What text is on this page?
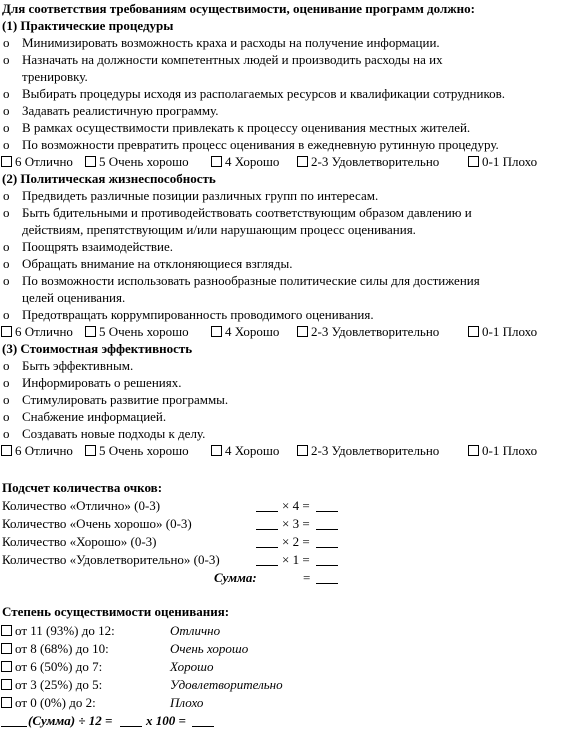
Для соответствия требованиям осуществимости, оценивание программ должно:
(1) Практические процедуры
o Минимизировать возможность краха и расходы на получение информации.
o Назначать на должности компетентных людей и производить расходы на их
тренировку.
o Выбирать процедуры исходя из располагаемых ресурсов и квалификации сотрудников.
o Задавать реалистичную программу.
o В рамках осуществимости привлекать к процессу оценивания местных жителей.
o По возможности превратить процесс оценивания в ежедневную рутинную процедуру.
6 Отлично	5 Очень хорошо	4 Хорошо	2-3 Удовлетворительно	0-1 Плохо
(2) Политическая жизнеспособность
o Предвидеть различные позиции различных групп по интересам.
o Быть бдительными и противодействовать соответствующим образом давлению и
действиям, препятствующим и/или нарушающим процесс оценивания.
o Поощрять взаимодействие.
o Обращать внимание на отклоняющиеся взгляды.
o По возможности использовать разнообразные политические силы для достижения
целей оценивания.
o Предотвращать коррумпированность проводимого оценивания.
6 Отлично	5 Очень хорошо	4 Хорошо	2-3 Удовлетворительно	0-1 Плохо
(3) Стоимостная эффективность
o Быть эффективным.
o Информировать о решениях.
o Стимулировать развитие программы.
o Снабжение информацией.
o Создавать новые подходы к делу.
6 Отлично	5 Очень хорошо	4 Хорошо	2-3 Удовлетворительно	0-1 Плохо
Подсчет количества очков:
Количество «Отлично» (0-3)	× 4 =
Количество «Очень хорошо» (0-3)	× 3 =
Количество «Хорошо» (0-3)	× 2 =
Количество «Удовлетворительно» (0-3)	× 1 =
Сумма:	=
Степень осуществимости оценивания:
от 11 (93%) до 12:	Отлично
от 8 (68%) до 10:	Очень хорошо
от 6 (50%) до 7:	Хорошо
от 3 (25%) до 5:	Удовлетворительно
от 0 (0%) до 2:	Плохо
(Сумма) ÷ 12 =	x 100 =
